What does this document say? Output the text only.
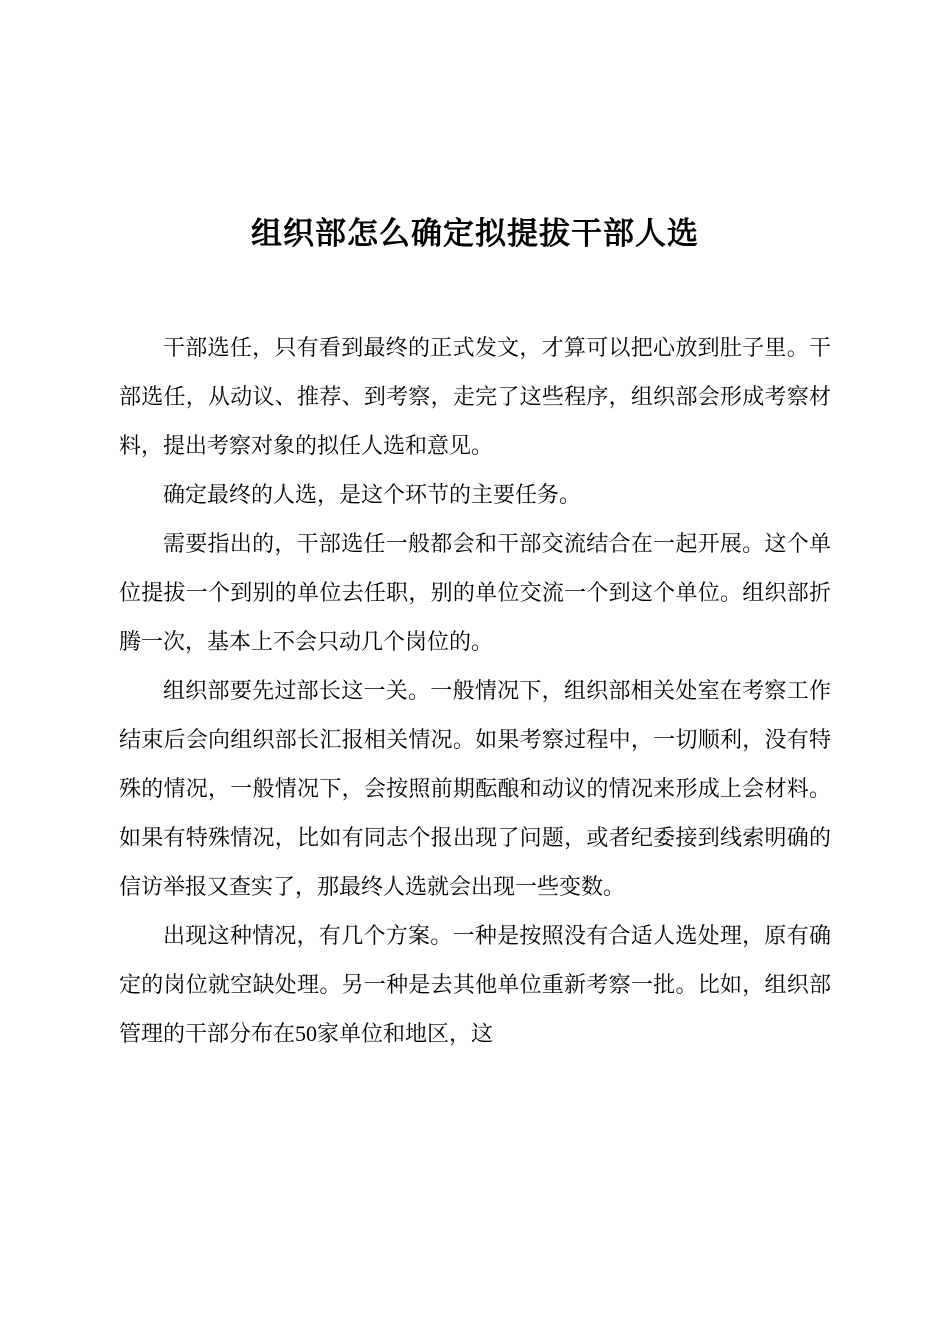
组织部怎么确定拟提拔干部人选

干部选任，只有看到最终的正式发文，才算可以把心放到肚子里。干部选任，从动议、推荐、到考察，走完了这些程序，组织部会形成考察材料，提出考察对象的拟任人选和意见。

确定最终的人选，是这个环节的主要任务。

需要指出的，干部选任一般都会和干部交流结合在一起开展。这个单位提拔一个到别的单位去任职，别的单位交流一个到这个单位。组织部折腾一次，基本上不会只动几个岗位的。

组织部要先过部长这一关。一般情况下，组织部相关处室在考察工作结束后会向组织部长汇报相关情况。如果考察过程中，一切顺利，没有特殊的情况，一般情况下，会按照前期酝酿和动议的情况来形成上会材料。如果有特殊情况，比如有同志个报出现了问题，或者纪委接到线索明确的信访举报又查实了，那最终人选就会出现一些变数。

出现这种情况，有几个方案。一种是按照没有合适人选处理，原有确定的岗位就空缺处理。另一种是去其他单位重新考察一批。比如，组织部管理的干部分布在50家单位和地区，这
